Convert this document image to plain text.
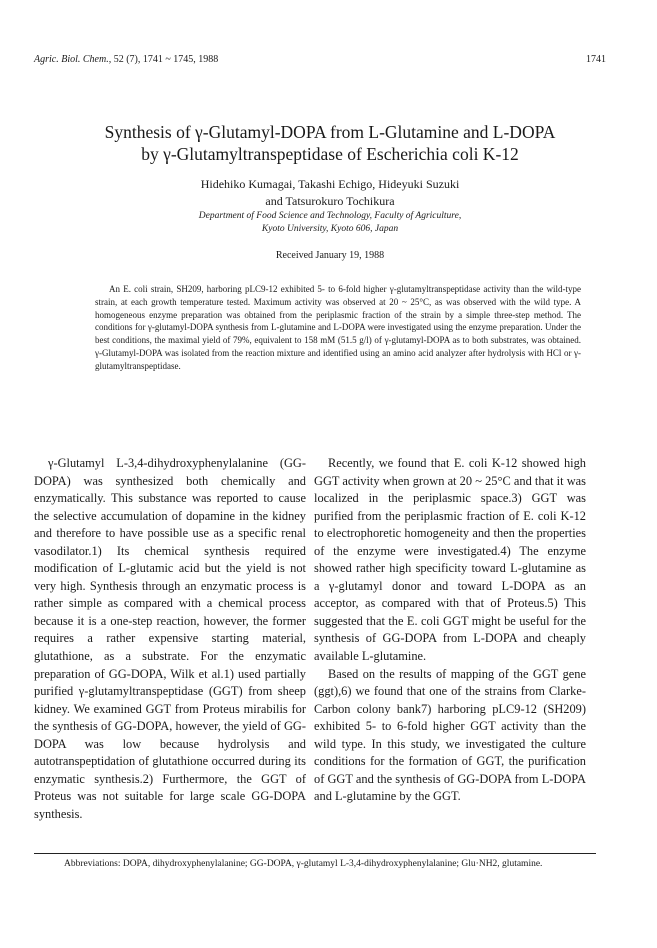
Agric. Biol. Chem., 52 (7), 1741 ~ 1745, 1988	1741
Synthesis of γ-Glutamyl-DOPA from L-Glutamine and L-DOPA
by γ-Glutamyltranspeptidase of Escherichia coli K-12
Hidehiko Kumagai, Takashi Echigo, Hideyuki Suzuki
and Tatsurokuro Tochikura
Department of Food Science and Technology, Faculty of Agriculture,
Kyoto University, Kyoto 606, Japan
Received January 19, 1988

An E. coli strain, SH209, harboring pLC9-12 exhibited 5- to 6-fold higher γ-glutamyltranspeptidase activity than the wild-type strain, at each growth temperature tested. Maximum activity was observed at 20 ~ 25°C, as was observed with the wild type. A homogeneous enzyme preparation was obtained from the periplasmic fraction of the strain by a simple three-step method. The conditions for γ-glutamyl-DOPA synthesis from L-glutamine and L-DOPA were investigated using the enzyme preparation. Under the best conditions, the maximal yield of 79%, equivalent to 158 mM (51.5 g/l) of γ-glutamyl-DOPA as to both substrates, was obtained. γ-Glutamyl-DOPA was isolated from the reaction mixture and identified using an amino acid analyzer after hydrolysis with HCl or γ-glutamyltranspeptidase.

γ-Glutamyl L-3,4-dihydroxyphenylalanine (GG-DOPA) was synthesized both chemically and enzymatically. This substance was reported to cause the selective accumulation of dopamine in the kidney and therefore to have possible use as a specific renal vasodilator.1) Its chemical synthesis required modification of L-glutamic acid but the yield is not very high. Synthesis through an enzymatic process is rather simple as compared with a chemical process because it is a one-step reaction, however, the former requires a rather expensive starting material, glutathione, as a substrate. For the enzymatic preparation of GG-DOPA, Wilk et al.1) used partially purified γ-glutamyltranspeptidase (GGT) from sheep kidney. We examined GGT from Proteus mirabilis for the synthesis of GG-DOPA, however, the yield of GG-DOPA was low because hydrolysis and autotranspeptidation of glutathione occurred during its enzymatic synthesis.2) Furthermore, the GGT of Proteus was not suitable for large scale GG-DOPA synthesis.

Recently, we found that E. coli K-12 showed high GGT activity when grown at 20 ~ 25°C and that it was localized in the periplasmic space.3) GGT was purified from the periplasmic fraction of E. coli K-12 to electrophoretic homogeneity and then the properties of the enzyme were investigated.4) The enzyme showed rather high specificity toward L-glutamine as a γ-glutamyl donor and toward L-DOPA as an acceptor, as compared with that of Proteus.5) This suggested that the E. coli GGT might be useful for the synthesis of GG-DOPA from L-DOPA and cheaply available L-glutamine.

Based on the results of mapping of the GGT gene (ggt),6) we found that one of the strains from Clarke-Carbon colony bank7) harboring pLC9-12 (SH209) exhibited 5- to 6-fold higher GGT activity than the wild type. In this study, we investigated the culture conditions for the formation of GGT, the purification of GGT and the synthesis of GG-DOPA from L-DOPA and L-glutamine by the GGT.

Abbreviations: DOPA, dihydroxyphenylalanine; GG-DOPA, γ-glutamyl L-3,4-dihydroxyphenylalanine; Glu·NH2, glutamine.
